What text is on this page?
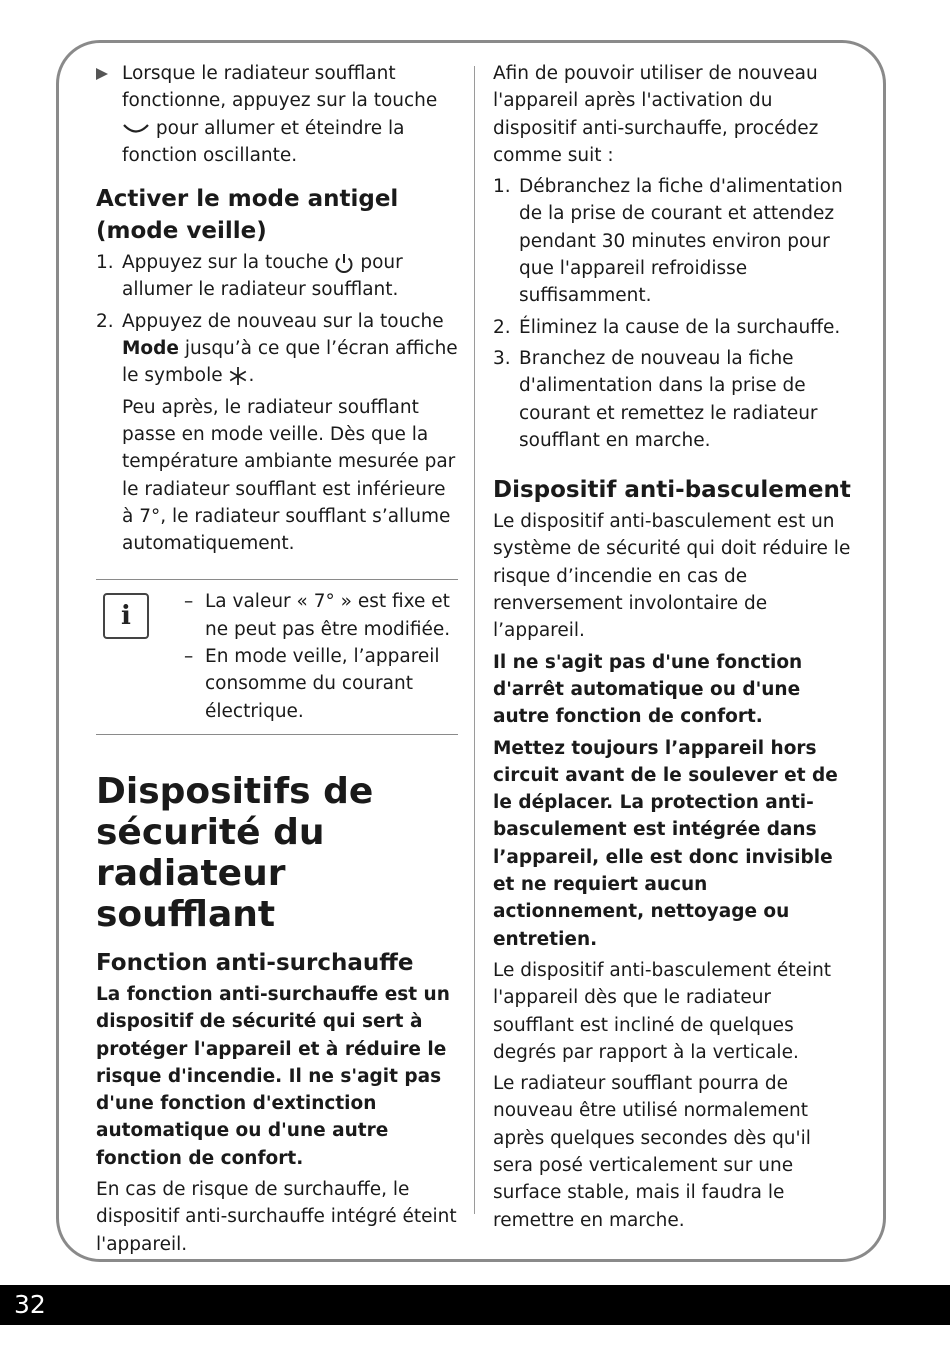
Lorsque le radiateur soufflant fonctionne, appuyez sur la touche  pour allumer et éteindre la fonction oscillante.

Activer le mode antigel (mode veille)
1. Appuyez sur la touche pour allumer le radiateur soufflant.
2. Appuyez de nouveau sur la touche Mode jusqu’à ce que l’écran affiche le symbole .

Peu après, le radiateur soufflant passe en mode veille. Dès que la température ambiante mesurée par le radiateur soufflant est inférieure à 7°, le radiateur soufflant s’allume automatiquement.

i	– La valeur « 7° » est fixe et ne peut pas être modifiée.
– En mode veille, l’appareil consomme du courant électrique.
Dispositifs de sécurité du radiateur soufflant
Fonction anti-surchauffe

La fonction anti-surchauffe est un dispositif de sécurité qui sert à protéger l'appareil et à réduire le risque d'incendie. Il ne s'agit pas d'une fonction d'extinction automatique ou d'une autre fonction de confort.

En cas de risque de surchauffe, le dispositif anti-surchauffe intégré éteint l'appareil.

Afin de pouvoir utiliser de nouveau l'appareil après l'activation du dispositif anti-surchauffe, procédez comme suit :

1. Débranchez la fiche d'alimentation de la prise de courant et attendez pendant 30 minutes environ pour que l'appareil refroidisse suffisamment.
2. Éliminez la cause de la surchauffe.
3. Branchez de nouveau la fiche d'alimentation dans la prise de courant et remettez le radiateur soufflant en marche.
Dispositif anti-basculement

Le dispositif anti-basculement est un système de sécurité qui doit réduire le risque d’incendie en cas de renversement involontaire de l’appareil.

Il ne s'agit pas d'une fonction d'arrêt automatique ou d'une autre fonction de confort.

Mettez toujours l’appareil hors circuit avant de le soulever et de le déplacer. La protection anti-basculement est intégrée dans l’appareil, elle est donc invisible et ne requiert aucun actionnement, nettoyage ou entretien.

Le dispositif anti-basculement éteint l'appareil dès que le radiateur soufflant est incliné de quelques degrés par rapport à la verticale.

Le radiateur soufflant pourra de nouveau être utilisé normalement après quelques secondes dès qu'il sera posé verticalement sur une surface stable, mais il faudra le remettre en marche.

32
